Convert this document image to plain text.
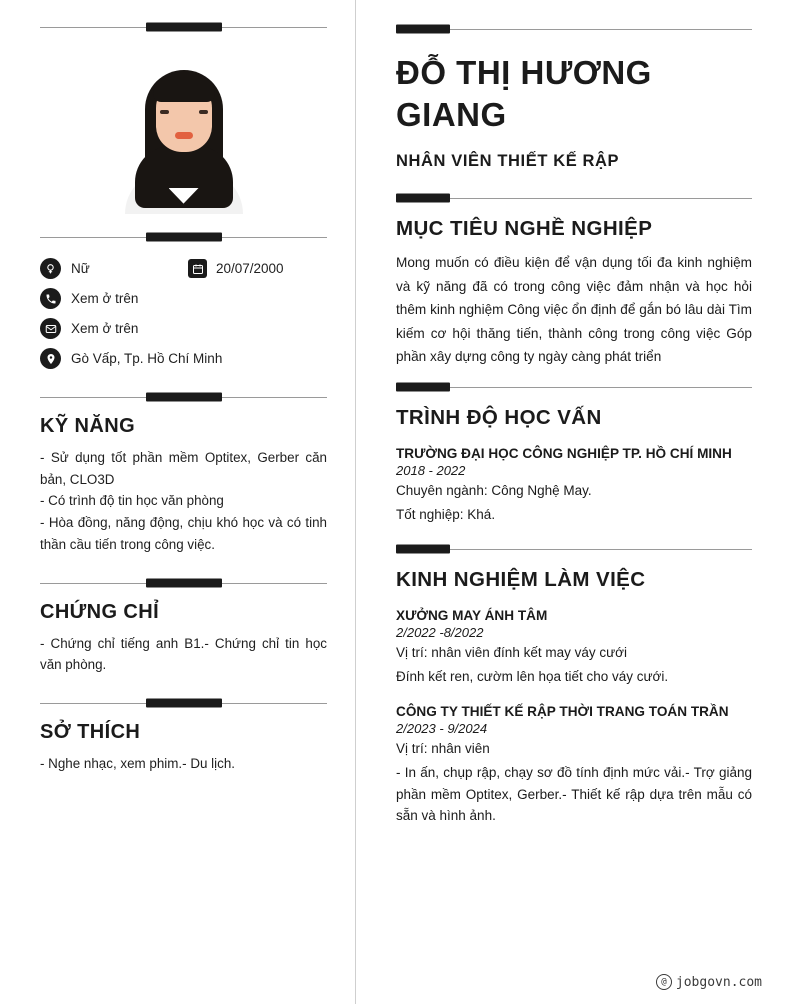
Nữ	20/07/2000
Xem ở trên
Xem ở trên
Gò Vấp, Tp. Hồ Chí Minh
KỸ NĂNG

- Sử dụng tốt phần mềm Optitex, Gerber căn bản, CLO3D

- Có trình độ tin học văn phòng

- Hòa đồng, năng động, chịu khó học và có tinh thần cầu tiến trong công việc.

CHỨNG CHỈ

- Chứng chỉ tiếng anh B1.- Chứng chỉ tin học văn phòng.

SỞ THÍCH

- Nghe nhạc, xem phim.- Du lịch.

ĐỖ THỊ HƯƠNG GIANG
NHÂN VIÊN THIẾT KẾ RẬP
MỤC TIÊU NGHỀ NGHIỆP

Mong muốn có điều kiện để vận dụng tối đa kinh nghiệm và kỹ năng đã có trong công việc đảm nhận và học hỏi thêm kinh nghiệm Công việc ổn định để gắn bó lâu dài Tìm kiếm cơ hội thăng tiến, thành công trong công việc Góp phần xây dựng công ty ngày càng phát triển

TRÌNH ĐỘ HỌC VẤN
TRƯỜNG ĐẠI HỌC CÔNG NGHIỆP TP. HỒ CHÍ MINH
2018 - 2022

Chuyên ngành: Công Nghệ May.

Tốt nghiệp: Khá.

KINH NGHIỆM LÀM VIỆC
XƯỞNG MAY ÁNH TÂM
2/2022 -8/2022

Vị trí: nhân viên đính kết may váy cưới

Đính kết ren, cườm lên họa tiết cho váy cưới.

CÔNG TY THIẾT KẾ RẬP THỜI TRANG TOÁN TRẦN
2/2023 - 9/2024

Vị trí: nhân viên

- In ấn, chụp rập, chạy sơ đồ tính định mức vải.- Trợ giảng phần mềm Optitex, Gerber.- Thiết kế rập dựa trên mẫu có sẵn và hình ảnh.

@ jobgovn.com
